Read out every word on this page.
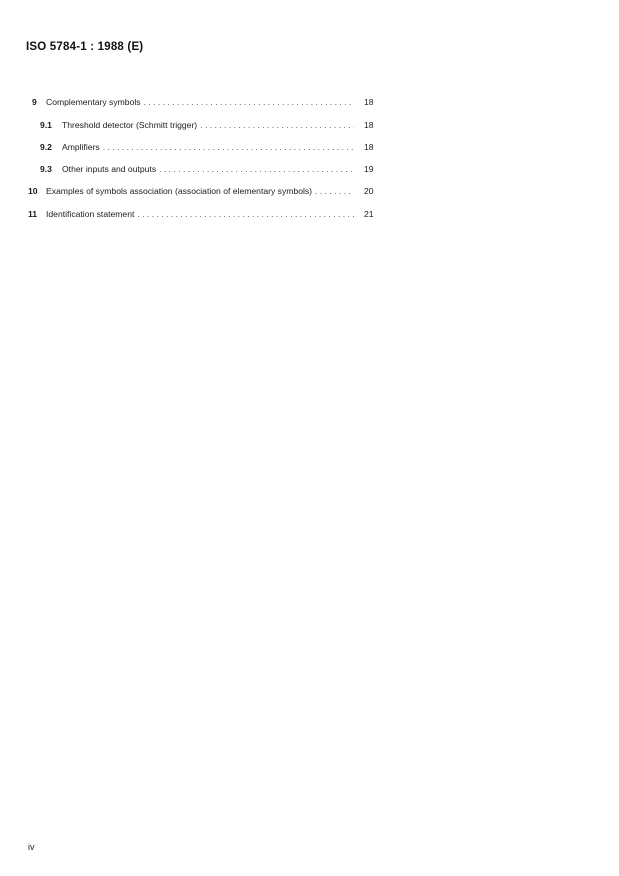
ISO 5784-1 : 1988 (E)
9 Complementary symbols . . .	18
9.1 Threshold detector (Schmitt trigger) . . .	18
9.2 Amplifiers . . .	18
9.3 Other inputs and outputs . . .	19
10 Examples of symbols association (association of elementary symbols) . . .	20
11 Identification statement . . .	21
iv
